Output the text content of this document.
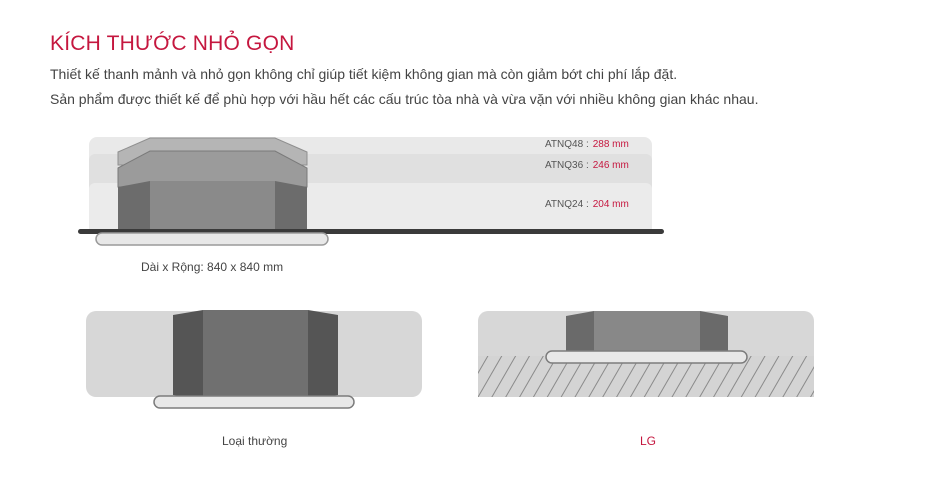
KÍCH THƯỚC NHỎ GỌN
Thiết kế thanh mảnh và nhỏ gọn không chỉ giúp tiết kiệm không gian mà còn giảm bớt chi phí lắp đặt.
Sản phẩm được thiết kế để phù hợp với hầu hết các cấu trúc tòa nhà và vừa vặn với nhiều không gian khác nhau.
ATNQ48 : 288 mm
ATNQ36 : 246 mm
ATNQ24 : 204 mm
Dài x Rộng: 840 x 840 mm
Loại thường	LG
